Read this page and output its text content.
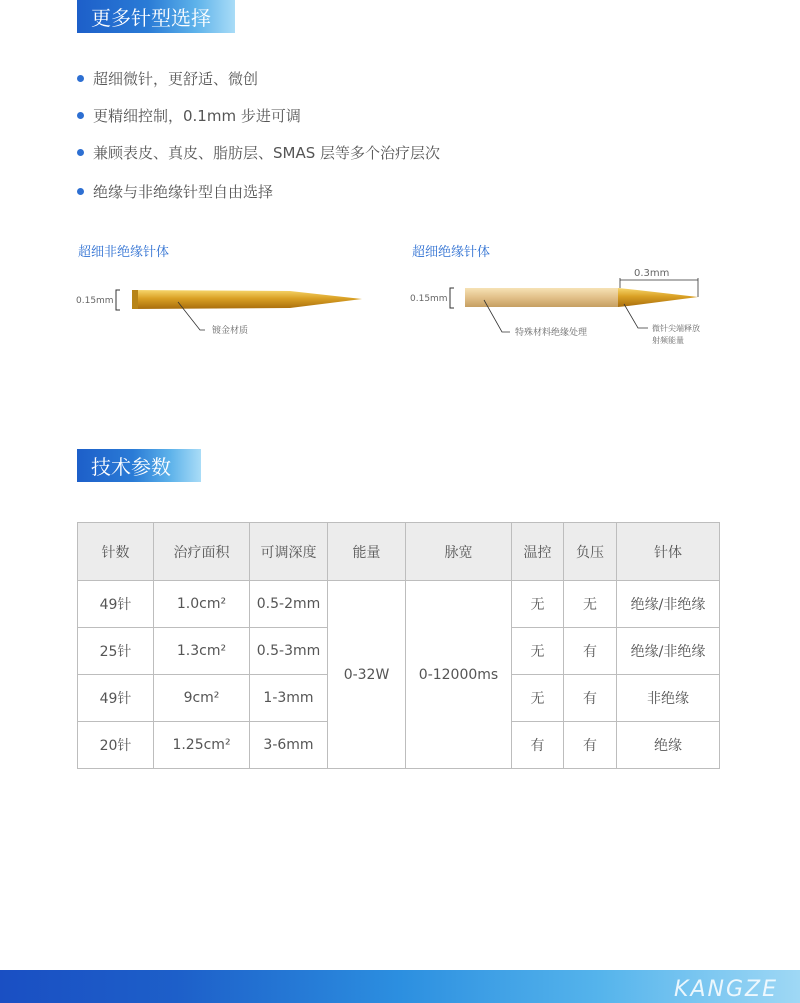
更多针型选择
超细微针，更舒适、微创
更精细控制，0.1mm 步进可调
兼顾表皮、真皮、脂肪层、SMAS 层等多个治疗层次
绝缘与非绝缘针型自由选择
超细非绝缘针体	超细绝缘针体
0.15mm
镀金材质
0.15mm
0.3mm
特殊材料绝缘处理	微针尖端释放
射频能量
技术参数
针数	治疗面积	可调深度	能量	脉宽	温控	负压	针体
49针	1.0cm²	0.5-2mm	0-32W	0-12000ms	无	无	绝缘/非绝缘
25针	1.3cm²	0.5-3mm			无	有	绝缘/非绝缘
49针	9cm²	1-3mm			无	有	非绝缘
20针	1.25cm²	3-6mm			有	有	绝缘
KANGZE
